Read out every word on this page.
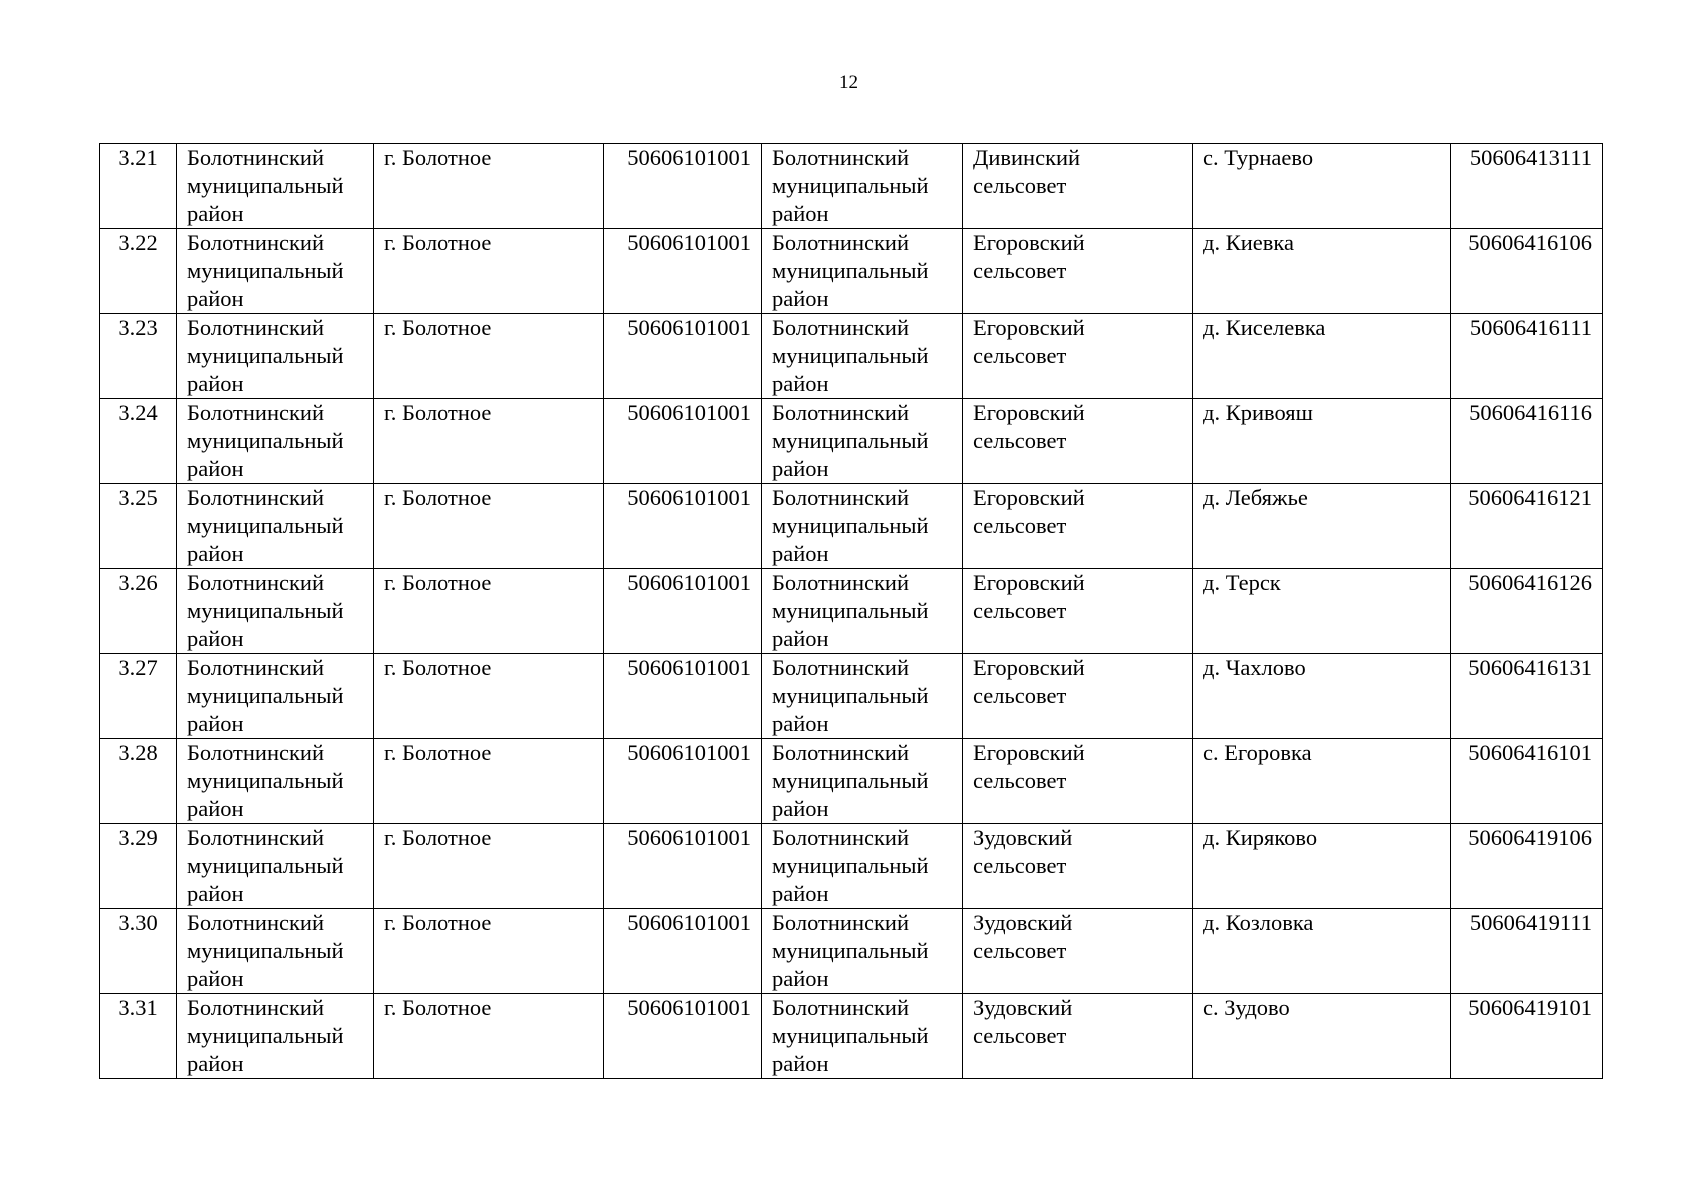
12
3.21	Болотнинский
муниципальный
район	г. Болотное	50606101001	Болотнинский
муниципальный
район	Дивинский
сельсовет	с. Турнаево	50606413111
3.22	Болотнинский
муниципальный
район	г. Болотное	50606101001	Болотнинский
муниципальный
район	Егоровский
сельсовет	д. Киевка	50606416106
3.23	Болотнинский
муниципальный
район	г. Болотное	50606101001	Болотнинский
муниципальный
район	Егоровский
сельсовет	д. Киселевка	50606416111
3.24	Болотнинский
муниципальный
район	г. Болотное	50606101001	Болотнинский
муниципальный
район	Егоровский
сельсовет	д. Кривояш	50606416116
3.25	Болотнинский
муниципальный
район	г. Болотное	50606101001	Болотнинский
муниципальный
район	Егоровский
сельсовет	д. Лебяжье	50606416121
3.26	Болотнинский
муниципальный
район	г. Болотное	50606101001	Болотнинский
муниципальный
район	Егоровский
сельсовет	д. Терск	50606416126
3.27	Болотнинский
муниципальный
район	г. Болотное	50606101001	Болотнинский
муниципальный
район	Егоровский
сельсовет	д. Чахлово	50606416131
3.28	Болотнинский
муниципальный
район	г. Болотное	50606101001	Болотнинский
муниципальный
район	Егоровский
сельсовет	с. Егоровка	50606416101
3.29	Болотнинский
муниципальный
район	г. Болотное	50606101001	Болотнинский
муниципальный
район	Зудовский
сельсовет	д. Киряково	50606419106
3.30	Болотнинский
муниципальный
район	г. Болотное	50606101001	Болотнинский
муниципальный
район	Зудовский
сельсовет	д. Козловка	50606419111
3.31	Болотнинский
муниципальный
район	г. Болотное	50606101001	Болотнинский
муниципальный
район	Зудовский
сельсовет	с. Зудово	50606419101
